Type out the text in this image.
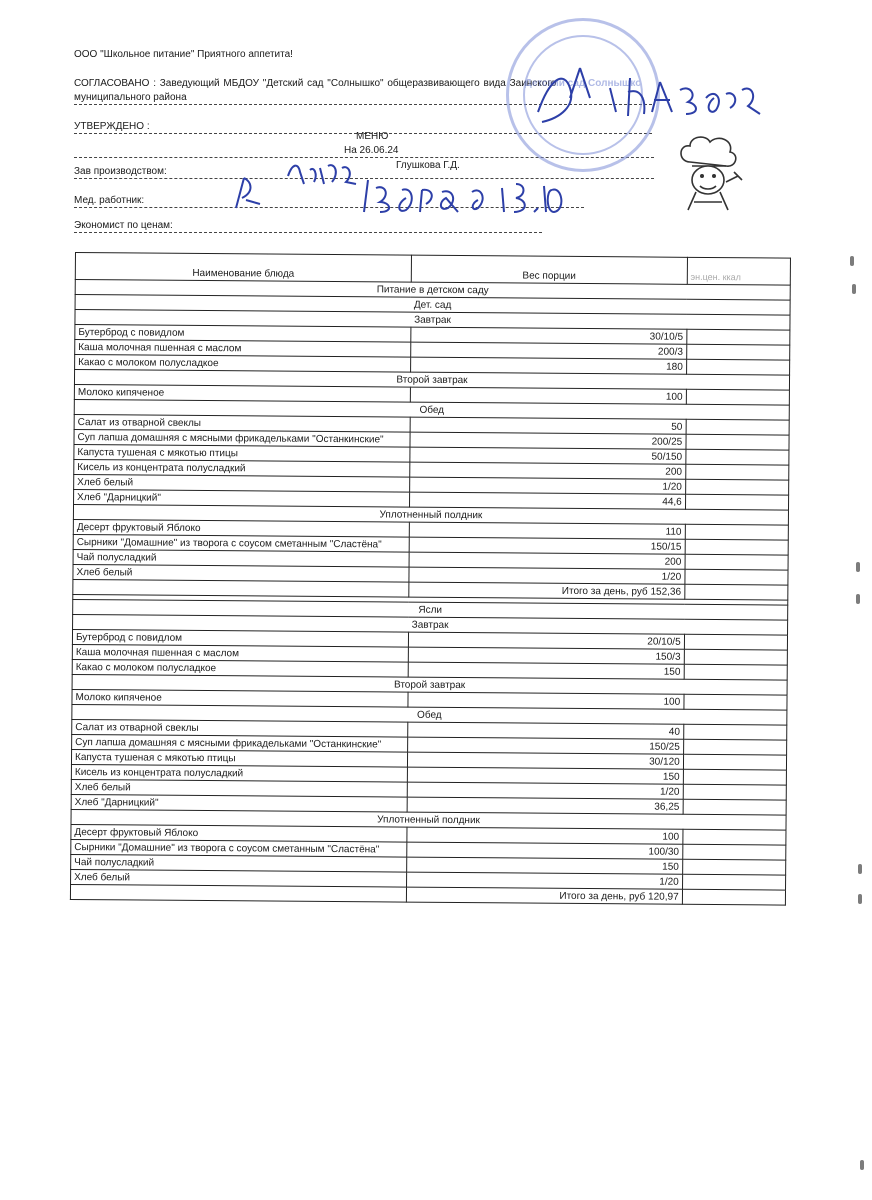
ООО "Школьное питание" Приятного аппетита!
СОГЛАСОВАНО : Заведующий МБДОУ "Детский сад "Солнышко" общеразвивающего вида Заинского
муниципального района
УТВЕРЖДЕНО :
МЕНЮ
На 26.06.24
Зав производством:
Глушкова Г.Д.
Мед. работник:
Экономист по ценам:
Детский сад Солнышко
Наименование блюда	Вес порции	эн.цен. ккал
Питание в детском саду		
Дет. сад		
Завтрак		
Бутерброд с повидлом	30/10/5	
Каша молочная пшенная с маслом	200/3	
Какао с молоком полусладкое	180	
Второй завтрак		
Молоко кипяченое	100	
Обед		
Салат из отварной свеклы	50	
Суп лапша домашняя с мясными фрикадельками "Останкинские"	200/25	
Капуста тушеная с мякотью птицы	50/150	
Кисель из концентрата полусладкий	200	
Хлеб белый	1/20	
Хлеб "Дарницкий"	44,6	
Уплотненный полдник		
Десерт фруктовый Яблоко	110	
Сырники "Домашние" из творога с соусом сметанным "Сластёна"	150/15	
Чай полусладкий	200	
Хлеб белый	1/20	
	Итого за день, руб 152,36	

Ясли		
Завтрак		
Бутерброд с повидлом	20/10/5	
Каша молочная пшенная с маслом	150/3	
Какао с молоком полусладкое	150	
Второй завтрак		
Молоко кипяченое	100	
Обед		
Салат из отварной свеклы	40	
Суп лапша домашняя с мясными фрикадельками "Останкинские"	150/25	
Капуста тушеная с мякотью птицы	30/120	
Кисель из концентрата полусладкий	150	
Хлеб белый	1/20	
Хлеб "Дарницкий"	36,25	
Уплотненный полдник		
Десерт фруктовый Яблоко	100	
Сырники "Домашние" из творога с соусом сметанным "Сластёна"	100/30	
Чай полусладкий	150	
Хлеб белый	1/20	
	Итого за день, руб 120,97	
